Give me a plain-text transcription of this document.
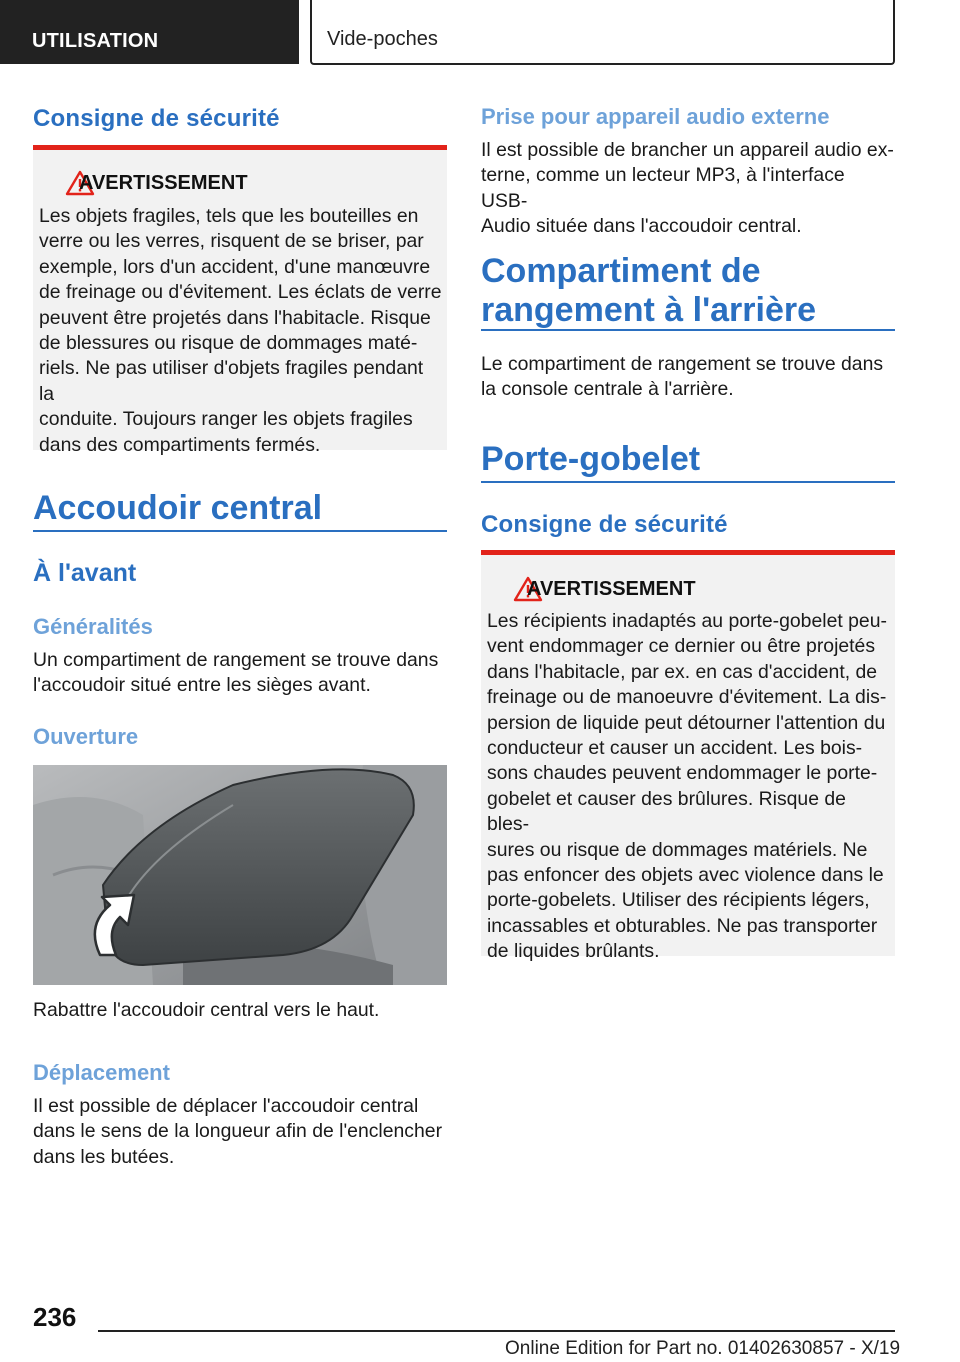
UTILISATION	Vide-poches
Consigne de sécurité
AVERTISSEMENT
Les objets fragiles, tels que les bouteilles en
verre ou les verres, risquent de se briser, par
exemple, lors d'un accident, d'une manœuvre
de freinage ou d'évitement. Les éclats de verre
peuvent être projetés dans l'habitacle. Risque
de blessures ou risque de dommages maté‐
riels. Ne pas utiliser d'objets fragiles pendant la
conduite. Toujours ranger les objets fragiles
dans des compartiments fermés.
Accoudoir central
À l'avant
Généralités
Un compartiment de rangement se trouve dans
l'accoudoir situé entre les sièges avant.
Ouverture
Rabattre l'accoudoir central vers le haut.
Déplacement
Il est possible de déplacer l'accoudoir central
dans le sens de la longueur afin de l'enclencher
dans les butées.
Prise pour appareil audio externe
Il est possible de brancher un appareil audio ex‐
terne, comme un lecteur MP3, à l'interface USB-
Audio située dans l'accoudoir central.
Compartiment de
rangement à l'arrière
Le compartiment de rangement se trouve dans
la console centrale à l'arrière.
Porte-gobelet
Consigne de sécurité
AVERTISSEMENT
Les récipients inadaptés au porte-gobelet peu‐
vent endommager ce dernier ou être projetés
dans l'habitacle, par ex. en cas d'accident, de
freinage ou de manoeuvre d'évitement. La dis‐
persion de liquide peut détourner l'attention du
conducteur et causer un accident. Les bois‐
sons chaudes peuvent endommager le porte-
gobelet et causer des brûlures. Risque de bles‐
sures ou risque de dommages matériels. Ne
pas enfoncer des objets avec violence dans le
porte-gobelets. Utiliser des récipients légers,
incassables et obturables. Ne pas transporter
de liquides brûlants.
236
Online Edition for Part no. 01402630857 - X/19
